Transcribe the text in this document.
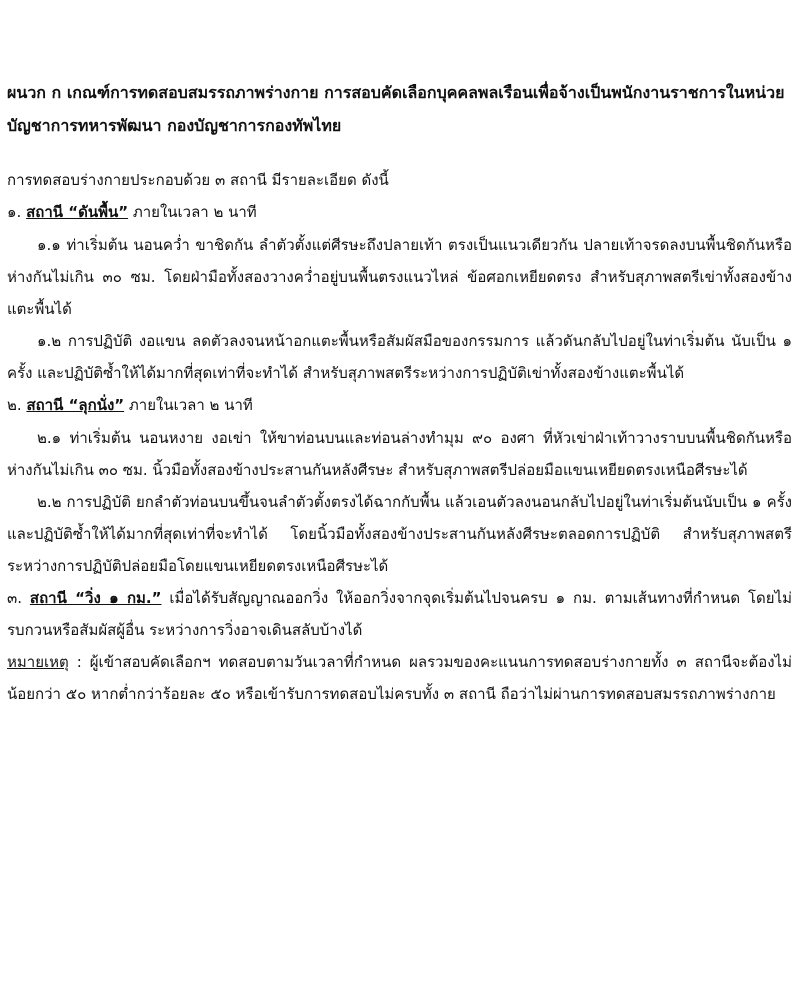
ผนวก ก เกณฑ์การทดสอบสมรรถภาพร่างกาย การสอบคัดเลือกบุคคลพลเรือนเพื่อจ้างเป็นพนักงานราชการในหน่วยบัญชาการทหารพัฒนา กองบัญชาการกองทัพไทย

การทดสอบร่างกายประกอบด้วย ๓ สถานี มีรายละเอียด ดังนี้

๑. สถานี “ดันพื้น” ภายในเวลา ๒ นาที

๑.๑ ท่าเริ่มต้น นอนคว่ำ ขาชิดกัน ลำตัวตั้งแต่ศีรษะถึงปลายเท้า ตรงเป็นแนวเดียวกัน ปลายเท้าจรดลงบนพื้นชิดกันหรือห่างกันไม่เกิน ๓๐ ซม. โดยฝ่ามือทั้งสองวางคว่ำอยู่บนพื้นตรงแนวไหล่ ข้อศอกเหยียดตรง สำหรับสุภาพสตรีเข่าทั้งสองข้างแตะพื้นได้

๑.๒ การปฏิบัติ งอแขน ลดตัวลงจนหน้าอกแตะพื้นหรือสัมผัสมือของกรรมการ แล้วดันกลับไปอยู่ในท่าเริ่มต้น นับเป็น ๑ ครั้ง และปฏิบัติซ้ำให้ได้มากที่สุดเท่าที่จะทำได้ สำหรับสุภาพสตรีระหว่างการปฏิบัติเข่าทั้งสองข้างแตะพื้นได้

๒. สถานี “ลุกนั่ง” ภายในเวลา ๒ นาที

๒.๑ ท่าเริ่มต้น นอนหงาย งอเข่า ให้ขาท่อนบนและท่อนล่างทำมุม ๙๐ องศา ที่หัวเข่าฝ่าเท้าวางราบบนพื้นชิดกันหรือห่างกันไม่เกิน ๓๐ ซม. นิ้วมือทั้งสองข้างประสานกันหลังศีรษะ สำหรับสุภาพสตรีปล่อยมือแขนเหยียดตรงเหนือศีรษะได้

๒.๒ การปฏิบัติ ยกลำตัวท่อนบนขึ้นจนลำตัวตั้งตรงได้ฉากกับพื้น แล้วเอนตัวลงนอนกลับไปอยู่ในท่าเริ่มต้นนับเป็น ๑ ครั้ง และปฏิบัติซ้ำให้ได้มากที่สุดเท่าที่จะทำได้ โดยนิ้วมือทั้งสองข้างประสานกันหลังศีรษะตลอดการปฏิบัติ สำหรับสุภาพสตรีระหว่างการปฏิบัติปล่อยมือโดยแขนเหยียดตรงเหนือศีรษะได้

๓. สถานี “วิ่ง ๑ กม.” เมื่อได้รับสัญญาณออกวิ่ง ให้ออกวิ่งจากจุดเริ่มต้นไปจนครบ ๑ กม. ตามเส้นทางที่กำหนด โดยไม่รบกวนหรือสัมผัสผู้อื่น ระหว่างการวิ่งอาจเดินสลับบ้างได้

หมายเหตุ : ผู้เข้าสอบคัดเลือกฯ ทดสอบตามวันเวลาที่กำหนด ผลรวมของคะแนนการทดสอบร่างกายทั้ง ๓ สถานีจะต้องไม่น้อยกว่า ๕๐ หากต่ำกว่าร้อยละ ๕๐ หรือเข้ารับการทดสอบไม่ครบทั้ง ๓ สถานี ถือว่าไม่ผ่านการทดสอบสมรรถภาพร่างกาย
